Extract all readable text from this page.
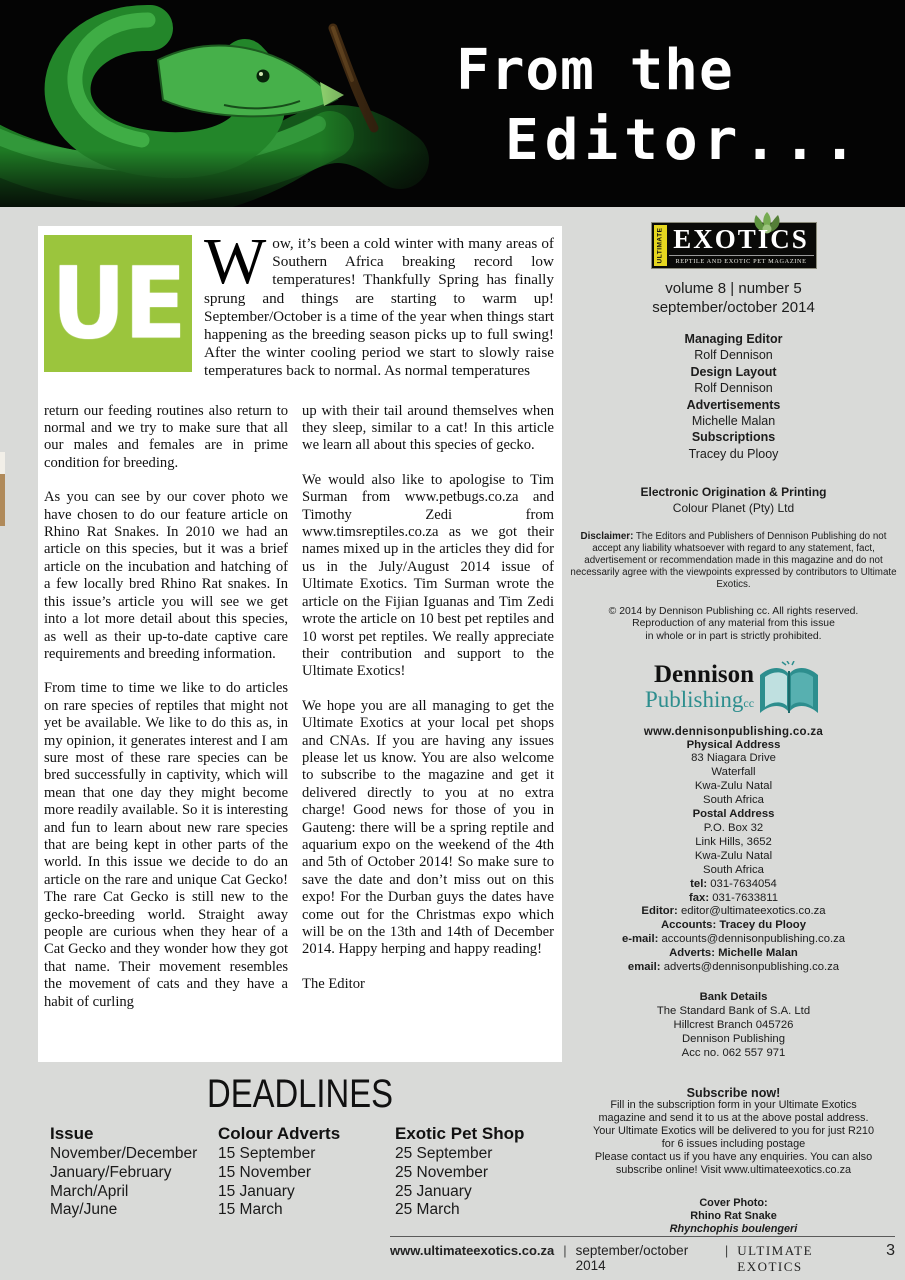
From the
Editor...
UE Wow, it’s been a cold winter with many areas of Southern Africa breaking record low temperatures! Thankfully Spring has finally sprung and things are starting to warm up! September/October is a time of the year when things start happening as the breeding season picks up to full swing! After the winter cooling period we start to slowly raise temperatures back to normal. As normal temperatures

return our feeding routines also return to normal and we try to make sure that all our males and females are in prime condition for breeding.

As you can see by our cover photo we have chosen to do our feature article on Rhino Rat Snakes. In 2010 we had an article on this species, but it was a brief article on the incubation and hatching of a few locally bred Rhino Rat snakes. In this issue’s article you will see we get into a lot more detail about this species, as well as their up-to-date captive care requirements and breeding information.

From time to time we like to do articles on rare species of reptiles that might not yet be available. We like to do this as, in my opinion, it generates interest and I am sure most of these rare species can be bred successfully in captivity, which will mean that one day they might become more readily available. So it is interesting and fun to learn about new rare species that are being kept in other parts of the world. In this issue we decide to do an article on the rare and unique Cat Gecko! The rare Cat Gecko is still new to the gecko-breeding world. Straight away people are curious when they hear of a Cat Gecko and they wonder how they got that name. Their movement resembles the movement of cats and they have a habit of curling

up with their tail around themselves when they sleep, similar to a cat! In this article we learn all about this species of gecko.

We would also like to apologise to Tim Surman from www.petbugs.co.za and Timothy Zedi from www.timsreptiles.co.za as we got their names mixed up in the articles they did for us in the July/August 2014 issue of Ultimate Exotics. Tim Surman wrote the article on the Fijian Iguanas and Tim Zedi wrote the article on 10 best pet reptiles and 10 worst pet reptiles. We really appreciate their contribution and support to the Ultimate Exotics!

We hope you are all managing to get the Ultimate Exotics at your local pet shops and CNAs. If you are having any issues please let us know. You are also welcome to subscribe to the magazine and get it delivered directly to you at no extra charge! Good news for those of you in Gauteng: there will be a spring reptile and aquarium expo on the weekend of the 4th and 5th of October 2014! So make sure to save the date and don’t miss out on this expo! For the Durban guys the dates have come out for the Christmas expo which will be on the 13th and 14th of December 2014. Happy herping and happy reading!

The Editor

ULTIMATE EXOTICS
REPTILE AND EXOTIC PET MAGAZINE
volume 8 | number 5
september/october 2014
Managing Editor
Rolf Dennison
Design Layout
Rolf Dennison
Advertisements
Michelle Malan
Subscriptions
Tracey du Plooy
Electronic Origination & Printing
Colour Planet (Pty) Ltd
Disclaimer: The Editors and Publishers of Dennison Publishing do not accept any liability whatsoever with regard to any statement, fact, advertisement or recommendation made in this magazine and do not necessarily agree with the viewpoints expressed by contributors to Ultimate Exotics.
© 2014 by Dennison Publishing cc. All rights reserved.
Reproduction of any material from this issue
in whole or in part is strictly prohibited.
Dennison
Publishingcc
www.dennisonpublishing.co.za
Physical Address
83 Niagara Drive
Waterfall
Kwa-Zulu Natal
South Africa
Postal Address
P.O. Box 32
Link Hills, 3652
Kwa-Zulu Natal
South Africa
tel: 031-7634054
fax: 031-7633811
Editor: editor@ultimateexotics.co.za
Accounts: Tracey du Plooy
e-mail: accounts@dennisonpublishing.co.za
Adverts: Michelle Malan
email: adverts@dennisonpublishing.co.za
Bank Details
The Standard Bank of S.A. Ltd
Hillcrest Branch 045726
Dennison Publishing
Acc no. 062 557 971
Subscribe now!
Fill in the subscription form in your Ultimate Exotics
magazine and send it to us at the above postal address.
Your Ultimate Exotics will be delivered to you for just R210
for 6 issues including postage
Please contact us if you have any enquiries. You can also
subscribe online! Visit www.ultimateexotics.co.za
Cover Photo:
Rhino Rat Snake
Rhynchophis boulengeri
DEADLINES
Issue
November/December
January/February
March/April
May/June
Colour Adverts
15 September
15 November
15 January
15 March
Exotic Pet Shop
25 September
25 November
25 January
25 March
www.ultimateexotics.co.za | september/october 2014
| ULTIMATE EXOTICS
3
